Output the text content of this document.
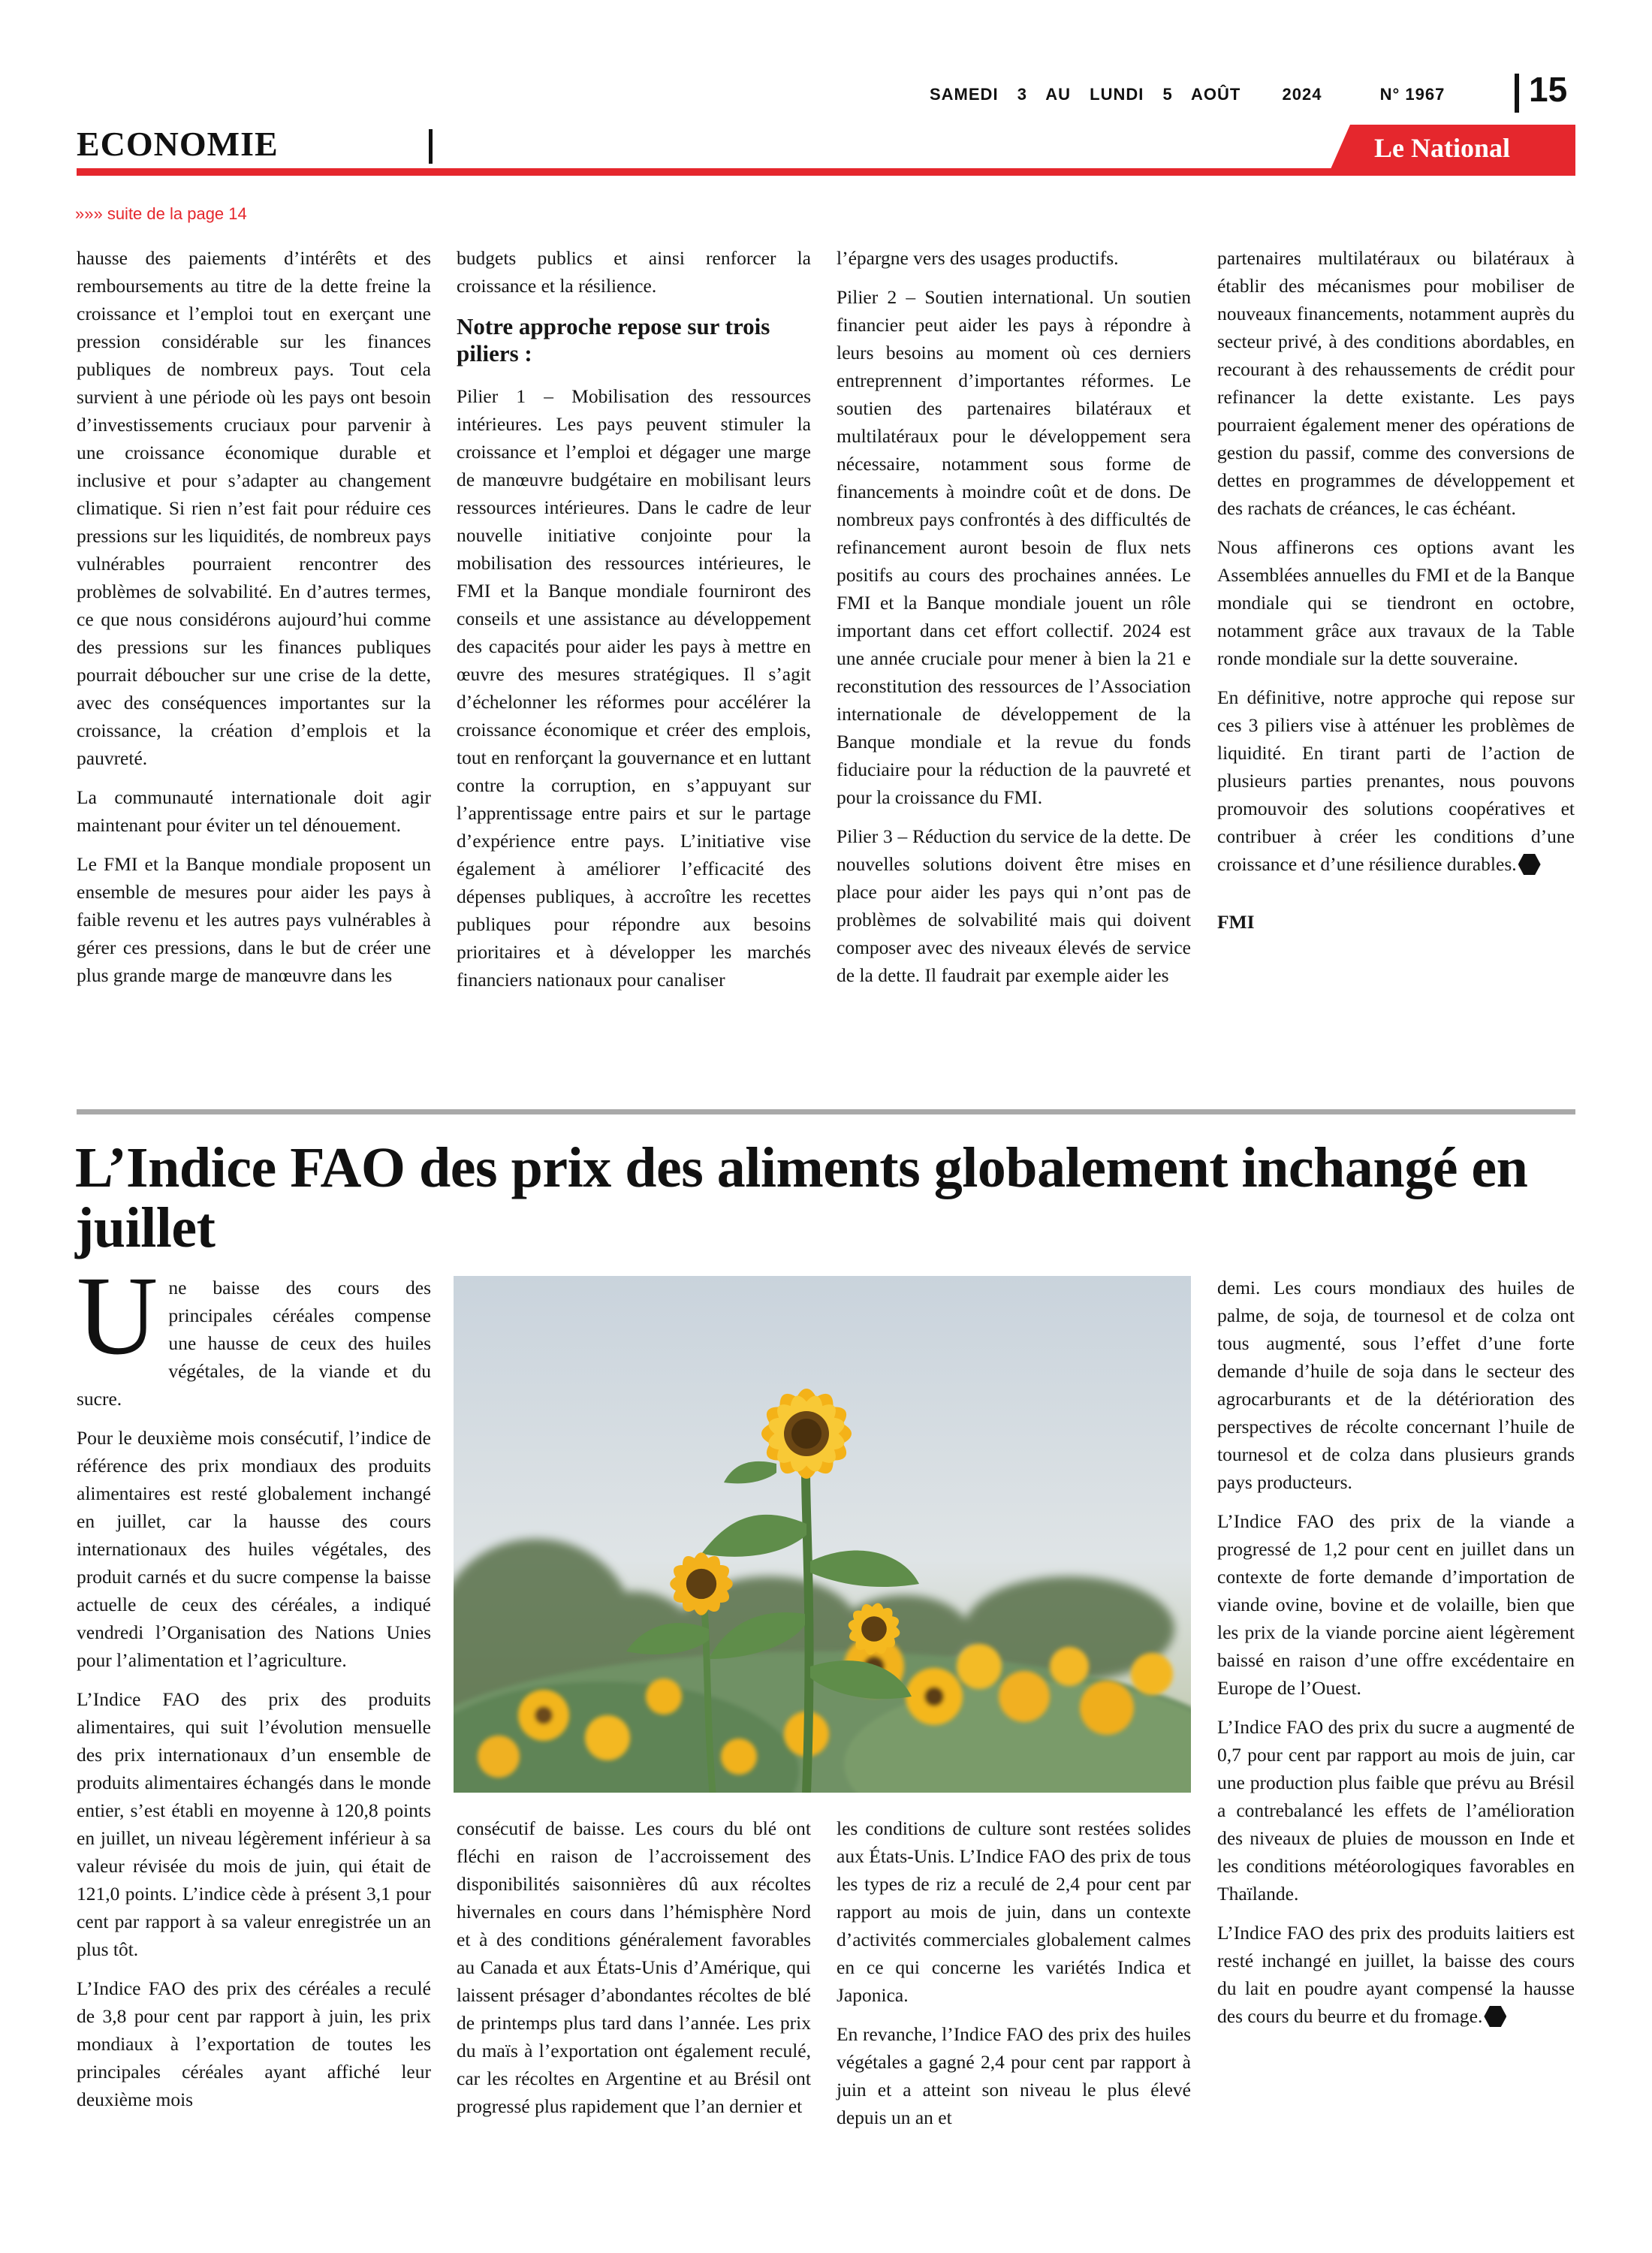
SAMEDI 3 AU LUNDI 5 AOÛT	2024	N° 1967	15
ECONOMIE	Le National
»»» suite de la page 14

hausse des paiements d’intérêts et des remboursements au titre de la dette freine la croissance et l’emploi tout en exerçant une pression considérable sur les finances publiques de nombreux pays. Tout cela survient à une période où les pays ont besoin d’investissements cruciaux pour parvenir à une croissance économique durable et inclusive et pour s’adapter au changement climatique. Si rien n’est fait pour réduire ces pressions sur les liquidités, de nombreux pays vulnérables pourraient rencontrer des problèmes de solvabilité. En d’autres termes, ce que nous considérons aujourd’hui comme des pressions sur les finances publiques pourrait déboucher sur une crise de la dette, avec des conséquences importantes sur la croissance, la création d’emplois et la pauvreté.

La communauté internationale doit agir maintenant pour éviter un tel dénouement.

Le FMI et la Banque mondiale proposent un ensemble de mesures pour aider les pays à faible revenu et les autres pays vulnérables à gérer ces pressions, dans le but de créer une plus grande marge de manœuvre dans les

budgets publics et ainsi renforcer la croissance et la résilience.

Notre approche repose sur trois piliers :

Pilier 1 – Mobilisation des ressources intérieures. Les pays peuvent stimuler la croissance et l’emploi et dégager une marge de manœuvre budgétaire en mobilisant leurs ressources intérieures. Dans le cadre de leur nouvelle initiative conjointe pour la mobilisation des ressources intérieures, le FMI et la Banque mondiale fourniront des conseils et une assistance au développement des capacités pour aider les pays à mettre en œuvre des mesures stratégiques. Il s’agit d’échelonner les réformes pour accélérer la croissance économique et créer des emplois, tout en renforçant la gouvernance et en luttant contre la corruption, en s’appuyant sur l’apprentissage entre pairs et sur le partage d’expérience entre pays. L’initiative vise également à améliorer l’efficacité des dépenses publiques, à accroître les recettes publiques pour répondre aux besoins prioritaires et à développer les marchés financiers nationaux pour canaliser

l’épargne vers des usages productifs.

Pilier 2 – Soutien international. Un soutien financier peut aider les pays à répondre à leurs besoins au moment où ces derniers entreprennent d’importantes réformes. Le soutien des partenaires bilatéraux et multilatéraux pour le développement sera nécessaire, notamment sous forme de financements à moindre coût et de dons. De nombreux pays confrontés à des difficultés de refinancement auront besoin de flux nets positifs au cours des prochaines années. Le FMI et la Banque mondiale jouent un rôle important dans cet effort collectif. 2024 est une année cruciale pour mener à bien la 21 e reconstitution des ressources de l’Association internationale de développement de la Banque mondiale et la revue du fonds fiduciaire pour la réduction de la pauvreté et pour la croissance du FMI.

Pilier 3 – Réduction du service de la dette. De nouvelles solutions doivent être mises en place pour aider les pays qui n’ont pas de problèmes de solvabilité mais qui doivent composer avec des niveaux élevés de service de la dette. Il faudrait par exemple aider les

partenaires multilatéraux ou bilatéraux à établir des mécanismes pour mobiliser de nouveaux financements, notamment auprès du secteur privé, à des conditions abordables, en recourant à des rehaussements de crédit pour refinancer la dette existante. Les pays pourraient également mener des opérations de gestion du passif, comme des conversions de dettes en programmes de développement et des rachats de créances, le cas échéant.

Nous affinerons ces options avant les Assemblées annuelles du FMI et de la Banque mondiale qui se tiendront en octobre, notamment grâce aux travaux de la Table ronde mondiale sur la dette souveraine.

En définitive, notre approche qui repose sur ces 3 piliers vise à atténuer les problèmes de liquidité. En tirant parti de l’action de plusieurs parties prenantes, nous pouvons promouvoir des solutions coopératives et contribuer à créer les conditions d’une croissance et d’une résilience durables.

FMI

L’Indice FAO des prix des aliments globalement inchangé en juillet

Une baisse des cours des principales céréales compense une hausse de ceux des huiles végétales, de la viande et du sucre.

Pour le deuxième mois consécutif, l’indice de référence des prix mondiaux des produits alimentaires est resté globalement inchangé en juillet, car la hausse des cours internationaux des huiles végétales, des produit carnés et du sucre compense la baisse actuelle de ceux des céréales, a indiqué vendredi l’Organisation des Nations Unies pour l’alimentation et l’agriculture.

L’Indice FAO des prix des produits alimentaires, qui suit l’évolution mensuelle des prix internationaux d’un ensemble de produits alimentaires échangés dans le monde entier, s’est établi en moyenne à 120,8 points en juillet, un niveau légèrement inférieur à sa valeur révisée du mois de juin, qui était de 121,0 points. L’indice cède à présent 3,1 pour cent par rapport à sa valeur enregistrée un an plus tôt.

L’Indice FAO des prix des céréales a reculé de 3,8 pour cent par rapport à juin, les prix mondiaux à l’exportation de toutes les principales céréales ayant affiché leur deuxième mois

consécutif de baisse. Les cours du blé ont fléchi en raison de l’accroissement des disponibilités saisonnières dû aux récoltes hivernales en cours dans l’hémisphère Nord et à des conditions généralement favorables au Canada et aux États-Unis d’Amérique, qui laissent présager d’abondantes récoltes de blé de printemps plus tard dans l’année. Les prix du maïs à l’exportation ont également reculé, car les récoltes en Argentine et au Brésil ont progressé plus rapidement que l’an dernier et

les conditions de culture sont restées solides aux États-Unis. L’Indice FAO des prix de tous les types de riz a reculé de 2,4 pour cent par rapport au mois de juin, dans un contexte d’activités commerciales globalement calmes en ce qui concerne les variétés Indica et Japonica.

En revanche, l’Indice FAO des prix des huiles végétales a gagné 2,4 pour cent par rapport à juin et a atteint son niveau le plus élevé depuis un an et

demi. Les cours mondiaux des huiles de palme, de soja, de tournesol et de colza ont tous augmenté, sous l’effet d’une forte demande d’huile de soja dans le secteur des agrocarburants et de la détérioration des perspectives de récolte concernant l’huile de tournesol et de colza dans plusieurs grands pays producteurs.

L’Indice FAO des prix de la viande a progressé de 1,2 pour cent en juillet dans un contexte de forte demande d’importation de viande ovine, bovine et de volaille, bien que les prix de la viande porcine aient légèrement baissé en raison d’une offre excédentaire en Europe de l’Ouest.

L’Indice FAO des prix du sucre a augmenté de 0,7 pour cent par rapport au mois de juin, car une production plus faible que prévu au Brésil a contrebalancé les effets de l’amélioration des niveaux de pluies de mousson en Inde et les conditions météorologiques favorables en Thaïlande.

L’Indice FAO des prix des produits laitiers est resté inchangé en juillet, la baisse des cours du lait en poudre ayant compensé la hausse des cours du beurre et du fromage.
